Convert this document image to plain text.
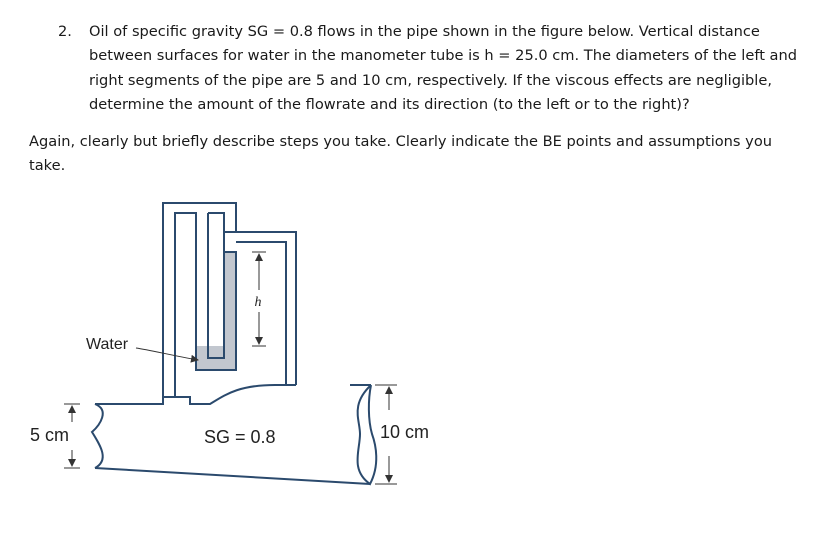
2. Oil of specific gravity SG = 0.8 flows in the pipe shown in the figure below. Vertical distance
between surfaces for water in the manometer tube is h = 25.0 cm. The diameters of the left and
right segments of the pipe are 5 and 10 cm, respectively. If the viscous effects are negligible,
determine the amount of the flowrate and its direction (to the left or to the right)?
Again, clearly but briefly describe steps you take. Clearly indicate the BE points and assumptions you
take.
h
Water
SG = 0.8
5 cm	10 cm
